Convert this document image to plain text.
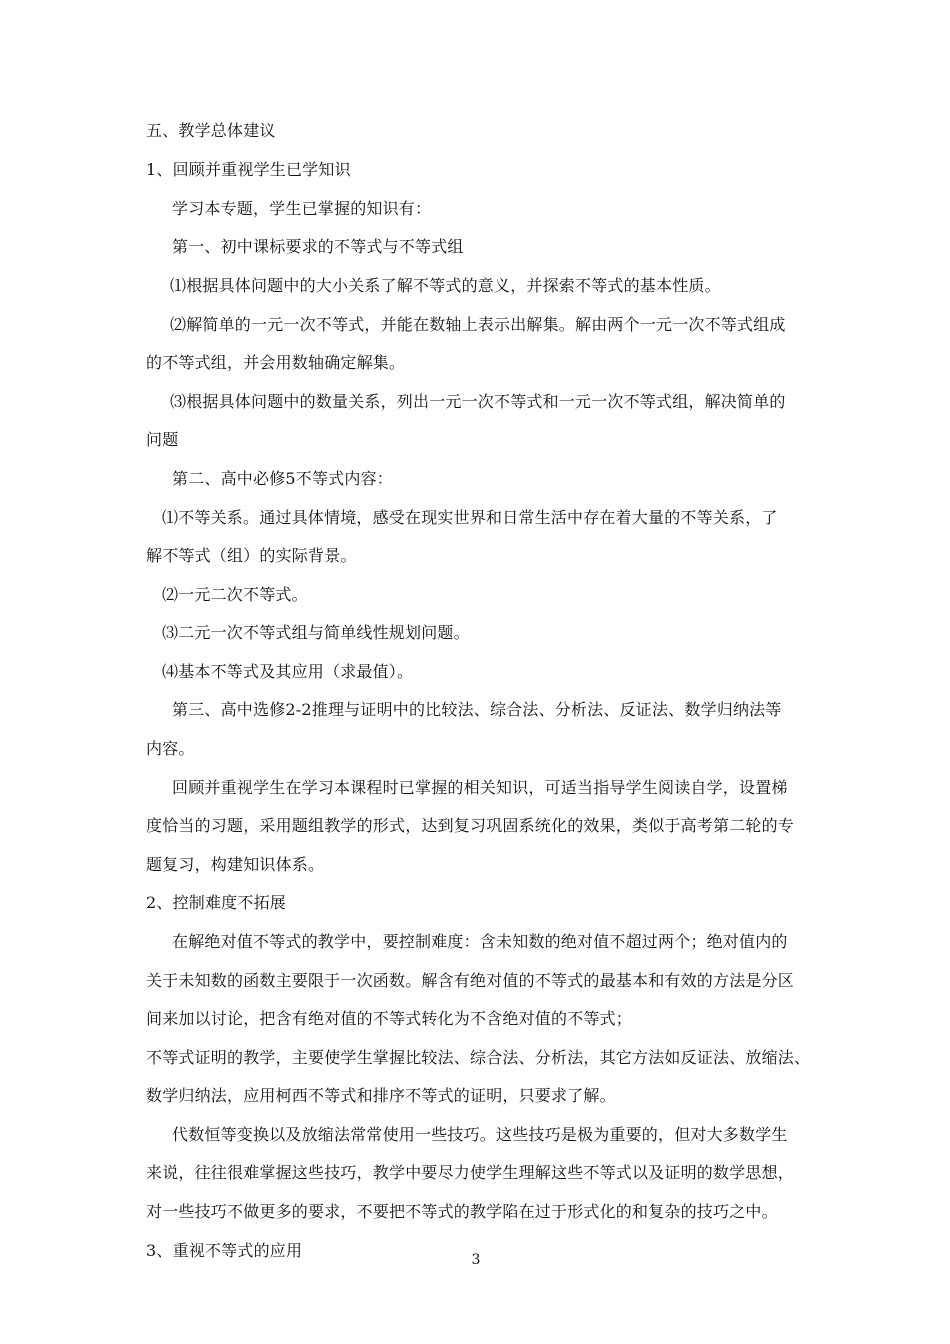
五、教学总体建议
1、回顾并重视学生已学知识
学习本专题，学生已掌握的知识有：
第一、初中课标要求的不等式与不等式组
⑴根据具体问题中的大小关系了解不等式的意义，并探索不等式的基本性质。
⑵解简单的一元一次不等式，并能在数轴上表示出解集。解由两个一元一次不等式组成
的不等式组，并会用数轴确定解集。
⑶根据具体问题中的数量关系，列出一元一次不等式和一元一次不等式组，解决简单的
问题
第二、高中必修5不等式内容：
⑴不等关系。通过具体情境，感受在现实世界和日常生活中存在着大量的不等关系，了
解不等式（组）的实际背景。
⑵一元二次不等式。
⑶二元一次不等式组与简单线性规划问题。
⑷基本不等式及其应用（求最值）。
第三、高中选修2-2推理与证明中的比较法、综合法、分析法、反证法、数学归纳法等
内容。
回顾并重视学生在学习本课程时已掌握的相关知识，可适当指导学生阅读自学，设置梯
度恰当的习题，采用题组教学的形式，达到复习巩固系统化的效果，类似于高考第二轮的专
题复习，构建知识体系。
2、控制难度不拓展
在解绝对值不等式的教学中，要控制难度：含未知数的绝对值不超过两个；绝对值内的
关于未知数的函数主要限于一次函数。解含有绝对值的不等式的最基本和有效的方法是分区
间来加以讨论，把含有绝对值的不等式转化为不含绝对值的不等式；
不等式证明的教学，主要使学生掌握比较法、综合法、分析法，其它方法如反证法、放缩法、
数学归纳法，应用柯西不等式和排序不等式的证明，只要求了解。
代数恒等变换以及放缩法常常使用一些技巧。这些技巧是极为重要的，但对大多数学生
来说，往往很难掌握这些技巧，教学中要尽力使学生理解这些不等式以及证明的数学思想，
对一些技巧不做更多的要求，不要把不等式的教学陷在过于形式化的和复杂的技巧之中。
3、重视不等式的应用	3
